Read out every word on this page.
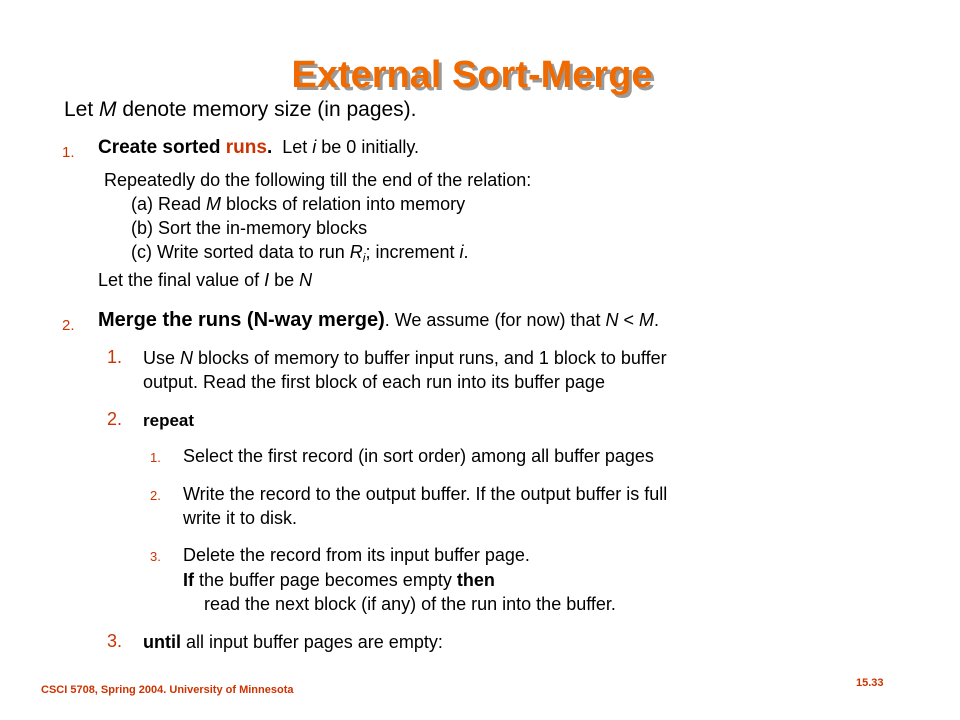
External Sort-Merge
Let M denote memory size (in pages).
1. Create sorted runs.  Let i be 0 initially.
Repeatedly do the following till the end of the relation:
(a) Read M blocks of relation into memory
(b) Sort the in-memory blocks
(c) Write sorted data to run $R_i$; increment i.
Let the final value of I be N
2. Merge the runs (N-way merge). We assume (for now) that N < M.
1. Use N blocks of memory to buffer input runs, and 1 block to buffer
output. Read the first block of each run into its buffer page
2. repeat
1. Select the first record (in sort order) among all buffer pages
2. Write the record to the output buffer. If the output buffer is full
write it to disk.
3. Delete the record from its input buffer page.
If the buffer page becomes empty then
read the next block (if any) of the run into the buffer.
3. until all input buffer pages are empty:
CSCI 5708, Spring 2004. University of Minnesota
15.33
